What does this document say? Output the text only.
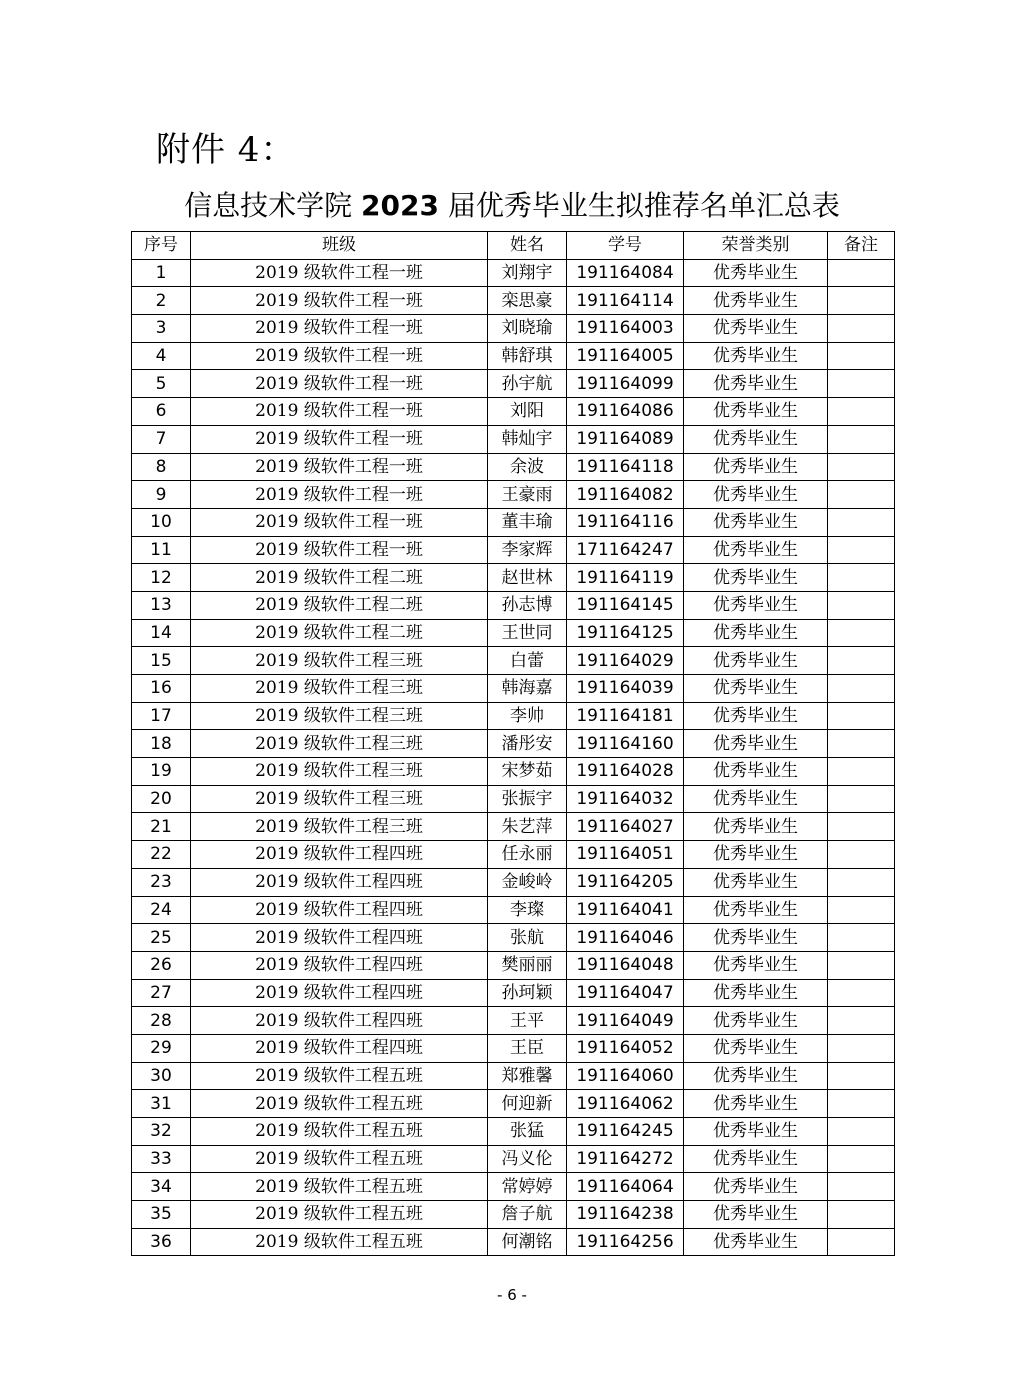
附件 4：
信息技术学院 2023 届优秀毕业生拟推荐名单汇总表
序号	班级	姓名	学号	荣誉类别	备注
1	2019 级软件工程一班	刘翔宇	191164084	优秀毕业生	
2	2019 级软件工程一班	栾思豪	191164114	优秀毕业生	
3	2019 级软件工程一班	刘晓瑜	191164003	优秀毕业生	
4	2019 级软件工程一班	韩舒琪	191164005	优秀毕业生	
5	2019 级软件工程一班	孙宇航	191164099	优秀毕业生	
6	2019 级软件工程一班	刘阳	191164086	优秀毕业生	
7	2019 级软件工程一班	韩灿宇	191164089	优秀毕业生	
8	2019 级软件工程一班	余波	191164118	优秀毕业生	
9	2019 级软件工程一班	王豪雨	191164082	优秀毕业生	
10	2019 级软件工程一班	董丰瑜	191164116	优秀毕业生	
11	2019 级软件工程一班	李家辉	171164247	优秀毕业生	
12	2019 级软件工程二班	赵世林	191164119	优秀毕业生	
13	2019 级软件工程二班	孙志博	191164145	优秀毕业生	
14	2019 级软件工程二班	王世同	191164125	优秀毕业生	
15	2019 级软件工程三班	白蕾	191164029	优秀毕业生	
16	2019 级软件工程三班	韩海嘉	191164039	优秀毕业生	
17	2019 级软件工程三班	李帅	191164181	优秀毕业生	
18	2019 级软件工程三班	潘彤安	191164160	优秀毕业生	
19	2019 级软件工程三班	宋梦茹	191164028	优秀毕业生	
20	2019 级软件工程三班	张振宇	191164032	优秀毕业生	
21	2019 级软件工程三班	朱艺萍	191164027	优秀毕业生	
22	2019 级软件工程四班	任永丽	191164051	优秀毕业生	
23	2019 级软件工程四班	金峻岭	191164205	优秀毕业生	
24	2019 级软件工程四班	李璨	191164041	优秀毕业生	
25	2019 级软件工程四班	张航	191164046	优秀毕业生	
26	2019 级软件工程四班	樊丽丽	191164048	优秀毕业生	
27	2019 级软件工程四班	孙珂颖	191164047	优秀毕业生	
28	2019 级软件工程四班	王平	191164049	优秀毕业生	
29	2019 级软件工程四班	王臣	191164052	优秀毕业生	
30	2019 级软件工程五班	郑雅馨	191164060	优秀毕业生	
31	2019 级软件工程五班	何迎新	191164062	优秀毕业生	
32	2019 级软件工程五班	张猛	191164245	优秀毕业生	
33	2019 级软件工程五班	冯义伦	191164272	优秀毕业生	
34	2019 级软件工程五班	常婷婷	191164064	优秀毕业生	
35	2019 级软件工程五班	詹子航	191164238	优秀毕业生	
36	2019 级软件工程五班	何潮铭	191164256	优秀毕业生	
- 6 -
